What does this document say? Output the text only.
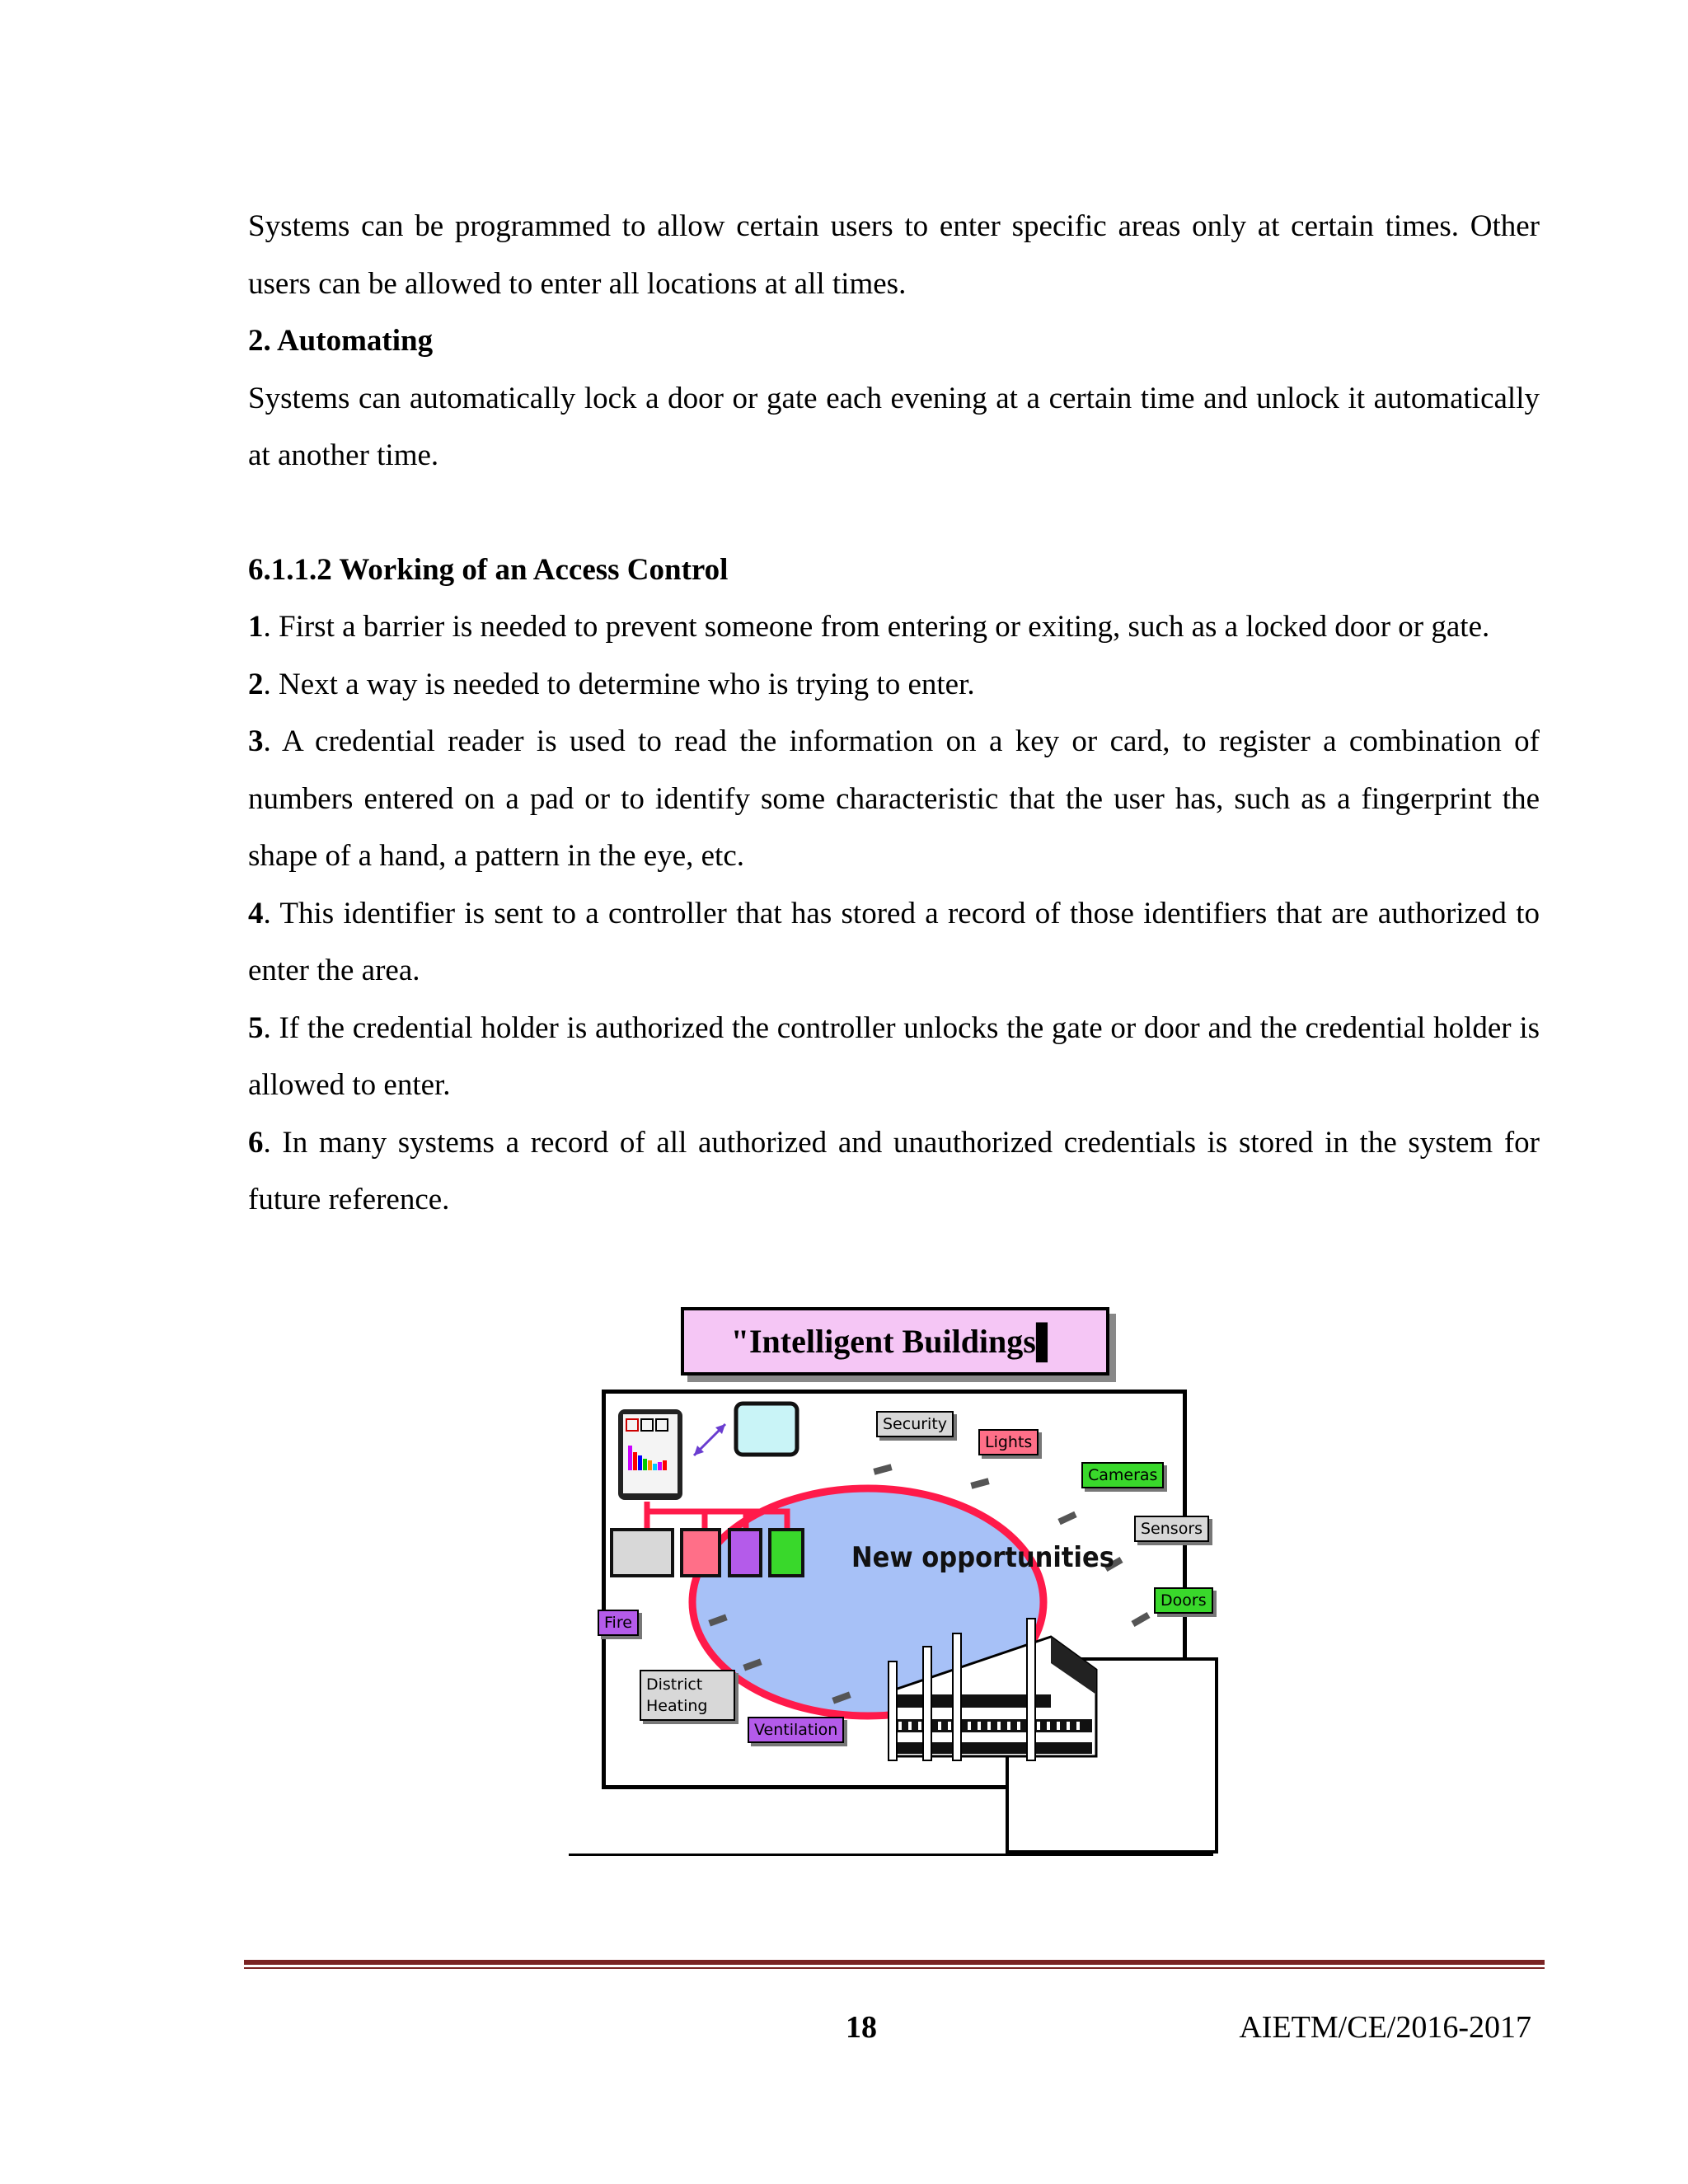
Systems can be programmed to allow certain users to enter specific areas only at certain times. Other users can be allowed to enter all locations at all times.

2. Automating

Systems can automatically lock a door or gate each evening at a certain time and unlock it automatically at another time.

6.1.1.2 Working of an Access Control

1. First a barrier is needed to prevent someone from entering or exiting, such as a locked door or gate.

2. Next a way is needed to determine who is trying to enter.

3. A credential reader is used to read the information on a key or card, to register a combination of numbers entered on a pad or to identify some characteristic that the user has, such as a fingerprint the shape of a hand, a pattern in the eye, etc.

4. This identifier is sent to a controller that has stored a record of those identifiers that are authorized to enter the area.

5. If the credential holder is authorized the controller unlocks the gate or door and the credential holder is allowed to enter.

6. In many systems a record of all authorized and unauthorized credentials is stored in the system for future reference.

"Intelligent Buildings▌
New opportunities
Security
Lights
Cameras
Sensors
Doors
Fire
District Heating
Ventilation
18	AIETM/CE/2016-2017
